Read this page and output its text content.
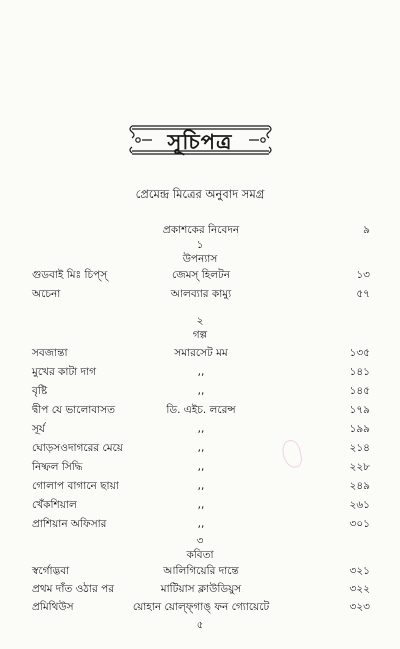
সূচিপত্র
প্রেমেন্দ্র মিত্রের অনুবাদ সমগ্র
প্রকাশকের নিবেদন	৯
১
উপন্যাস
গুডবাই মিঃ চিপ্‌স্‌	জেমস্‌ হিলটন	১৩
অচেনা	আলব্যার কাম্যু	৫৭
২
গল্প
সবজান্তা	সমারসেট মম	১৩৫
মুখের কাটা দাগ	,,	১৪১
বৃষ্টি	,,	১৪৫
দ্বীপ যে ভালোবাসত	ডি. এইচ. লরেন্স	১৭৯
সূর্য	,,	১৯৯
ঘোড়সওদাগরের মেয়ে	,,	২১৪
নিষ্ফল সিদ্ধি	,,	২২৮
গোলাপ বাগানে ছায়া	,,	২৪৯
খেঁকশিয়াল	,,	২৬১
প্রাশিয়ান অফিসার	,,	৩০১
৩
কবিতা
স্বর্গোদ্ভবা	আলিগিয়েরি দান্তে	৩২১
প্রথম দাঁত ওঠার পর	মাটিয়াস ক্লাউডিয়ুস	৩২২
প্রমিথিউস	য়োহান য়োল্‌ফ্‌গাঙ্‌ ফন গ্যোয়েটে	৩২৩
৫
